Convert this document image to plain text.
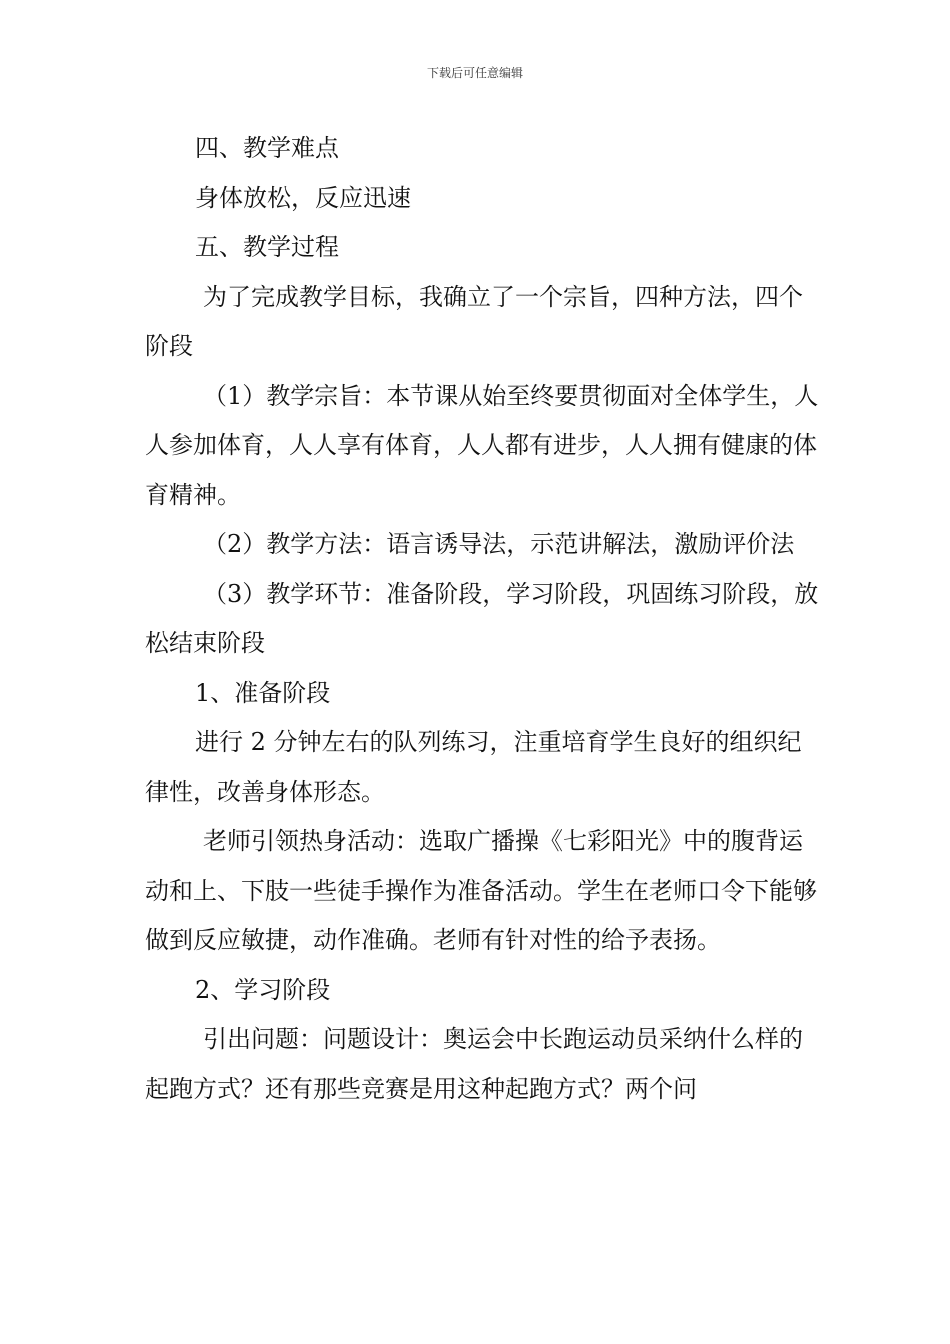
下载后可任意编辑

四、教学难点

身体放松，反应迅速

五、教学过程

为了完成教学目标，我确立了一个宗旨，四种方法，四个阶段

（1）教学宗旨：本节课从始至终要贯彻面对全体学生，人人参加体育，人人享有体育，人人都有进步，人人拥有健康的体育精神。

（2）教学方法：语言诱导法，示范讲解法，激励评价法

（3）教学环节：准备阶段，学习阶段，巩固练习阶段，放松结束阶段

1、准备阶段

进行 2 分钟左右的队列练习，注重培育学生良好的组织纪律性，改善身体形态。

老师引领热身活动：选取广播操《七彩阳光》中的腹背运动和上、下肢一些徒手操作为准备活动。学生在老师口令下能够做到反应敏捷，动作准确。老师有针对性的给予表扬。

2、学习阶段

引出问题：问题设计：奥运会中长跑运动员采纳什么样的起跑方式？还有那些竞赛是用这种起跑方式？两个问
